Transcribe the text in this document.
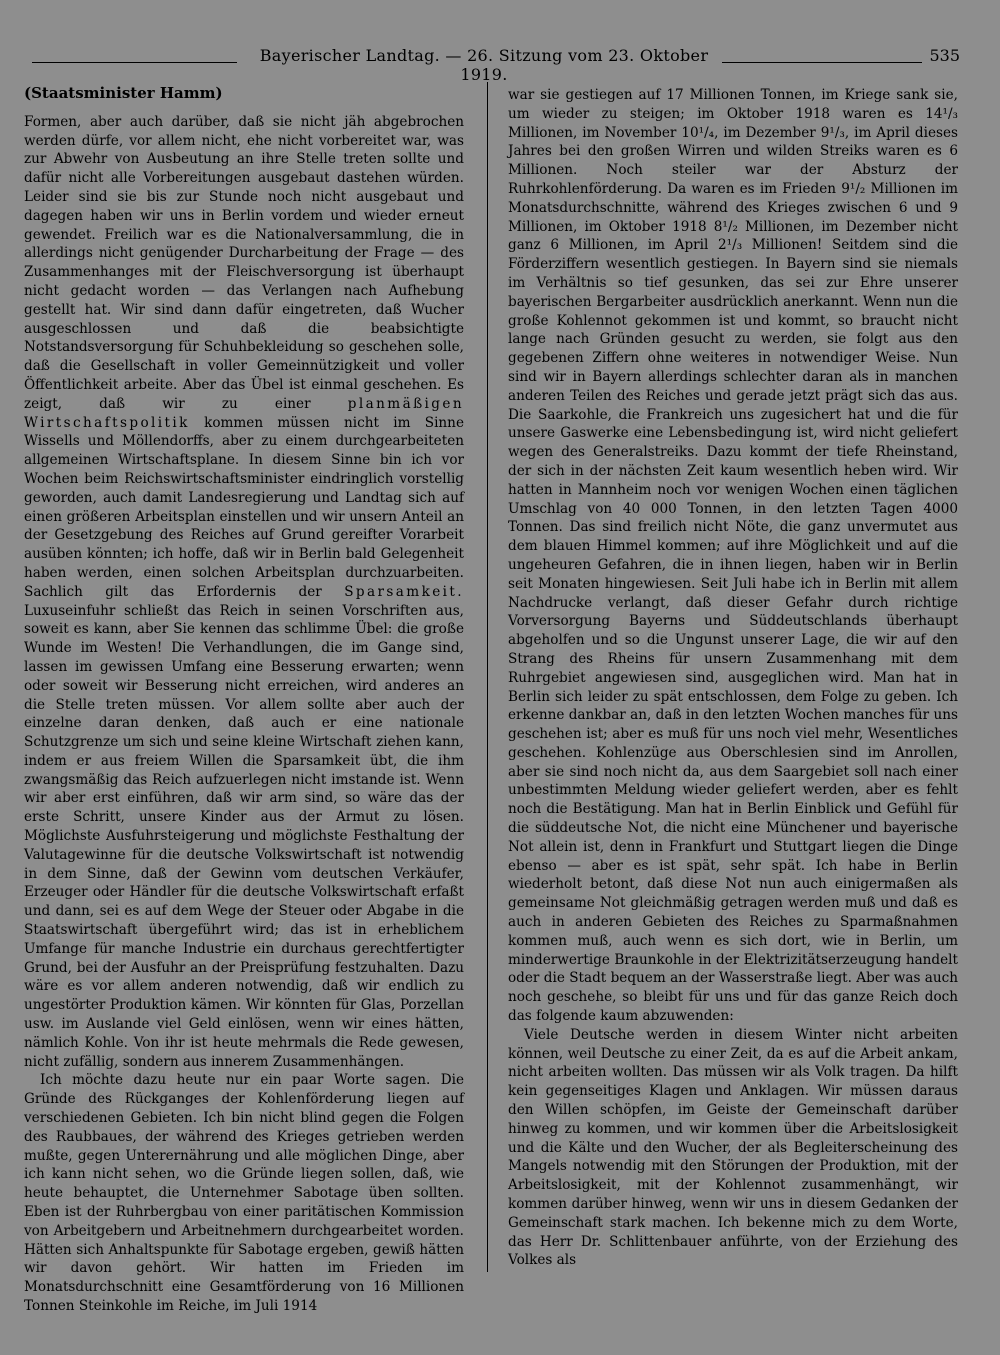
Bayerischer Landtag. — 26. Sitzung vom 23. Oktober 1919.
535
(Staatsminister Hamm)

Formen, aber auch darüber, daß sie nicht jäh abgebrochen werden dürfe, vor allem nicht, ehe nicht vorbereitet war, was zur Abwehr von Ausbeutung an ihre Stelle treten sollte und dafür nicht alle Vorbereitungen ausgebaut dastehen würden. Leider sind sie bis zur Stunde noch nicht ausgebaut und dagegen haben wir uns in Berlin vordem und wieder erneut gewendet. Freilich war es die Nationalversammlung, die in allerdings nicht genügender Durcharbeitung der Frage — des Zusammenhanges mit der Fleischversorgung ist überhaupt nicht gedacht worden — das Verlangen nach Aufhebung gestellt hat. Wir sind dann dafür eingetreten, daß Wucher ausgeschlossen und daß die beabsichtigte Notstandsversorgung für Schuhbekleidung so geschehen solle, daß die Gesellschaft in voller Gemeinnützigkeit und voller Öffentlichkeit arbeite. Aber das Übel ist einmal geschehen. Es zeigt, daß wir zu einer	planmäßigen Wirtschaftspolitik kommen müssen nicht im Sinne Wissells und Möllendorffs, aber zu einem durchgearbeiteten allgemeinen Wirtschaftsplane. In diesem Sinne bin ich vor Wochen beim Reichswirtschaftsminister eindringlich vorstellig geworden, auch damit Landesregierung und Landtag sich auf einen größeren Arbeitsplan einstellen und wir unsern Anteil an der Gesetzgebung des Reiches auf Grund gereifter Vorarbeit ausüben könnten; ich hoffe, daß wir in Berlin bald Gelegenheit haben werden, einen solchen Arbeitsplan durchzuarbeiten. Sachlich gilt das Erfordernis der Sparsamkeit. Luxuseinfuhr schließt das Reich in seinen Vorschriften aus, soweit es kann, aber Sie kennen das schlimme Übel: die große Wunde im Westen! Die Verhandlungen, die im Gange sind, lassen im gewissen Umfang eine Besserung erwarten; wenn oder soweit wir Besserung nicht erreichen, wird anderes an die Stelle treten müssen. Vor allem sollte aber auch der einzelne daran denken, daß auch er eine nationale Schutzgrenze um sich und seine kleine Wirtschaft ziehen kann, indem er aus freiem Willen die Sparsamkeit übt, die ihm zwangsmäßig das Reich aufzuerlegen nicht imstande ist. Wenn wir aber erst einführen, daß wir arm sind, so wäre das der erste Schritt, unsere Kinder aus der Armut zu lösen. Möglichste Ausfuhrsteigerung und möglichste Festhaltung der Valutagewinne für die deutsche Volkswirtschaft ist notwendig in dem Sinne, daß der Gewinn vom deutschen Verkäufer, Erzeuger oder Händler für die deutsche Volkswirtschaft erfaßt und dann, sei es auf dem Wege der Steuer oder Abgabe in die Staatswirtschaft übergeführt wird; das ist in erheblichem Umfange für manche Industrie ein durchaus gerechtfertigter Grund, bei der Ausfuhr an der Preisprüfung festzuhalten. Dazu wäre es vor allem anderen notwendig, daß wir endlich zu ungestörter Produktion kämen. Wir könnten für Glas, Porzellan usw. im Auslande viel Geld einlösen, wenn wir eines hätten, nämlich Kohle. Von ihr ist heute mehrmals die Rede gewesen, nicht zufällig, sondern aus innerem Zusammenhängen.

Ich möchte dazu heute nur ein paar Worte sagen. Die Gründe des Rückganges der Kohlenförderung liegen auf verschiedenen Gebieten. Ich bin nicht blind gegen die Folgen des Raubbaues, der während des Krieges getrieben werden mußte, gegen Unterernährung und alle möglichen Dinge, aber ich kann nicht sehen, wo die Gründe liegen sollen, daß, wie heute behauptet, die Unternehmer Sabotage üben sollten. Eben ist der Ruhrbergbau von einer paritätischen Kommission von Arbeitgebern und Arbeitnehmern durchgearbeitet worden. Hätten sich Anhaltspunkte für Sabotage ergeben, gewiß hätten wir davon gehört. Wir hatten im Frieden im Monatsdurchschnitt eine Gesamtförderung von 16 Millionen Tonnen Steinkohle im Reiche, im Juli 1914

war sie gestiegen auf 17 Millionen Tonnen, im Kriege sank sie, um wieder zu steigen; im Oktober 1918 waren es 14¹/₃ Millionen, im November 10¹/₄, im Dezember 9¹/₃, im April dieses Jahres bei den großen Wirren und wilden Streiks waren es 6 Millionen. Noch steiler war der Absturz der Ruhrkohlenförderung. Da waren es im Frieden 9¹/₂ Millionen im Monatsdurchschnitte, während des Krieges zwischen 6 und 9 Millionen, im Oktober 1918 8¹/₂ Millionen, im Dezember nicht ganz 6 Millionen, im April 2¹/₃ Millionen! Seitdem sind die Förderziffern wesentlich gestiegen. In Bayern sind sie niemals im Verhältnis so tief gesunken, das sei zur Ehre unserer bayerischen Bergarbeiter ausdrücklich anerkannt. Wenn nun die große Kohlennot gekommen ist und kommt, so braucht nicht lange nach Gründen gesucht zu werden, sie folgt aus den gegebenen Ziffern ohne weiteres in notwendiger Weise. Nun sind wir in Bayern allerdings schlechter daran als in manchen anderen Teilen des Reiches und gerade jetzt prägt sich das aus. Die Saarkohle, die Frankreich uns zugesichert hat und die für unsere Gaswerke eine Lebensbedingung ist, wird nicht geliefert wegen des Generalstreiks. Dazu kommt der tiefe Rheinstand, der sich in der nächsten Zeit kaum wesentlich heben wird. Wir hatten in Mannheim noch vor wenigen Wochen einen täglichen Umschlag von 40 000 Tonnen, in den letzten Tagen 4000 Tonnen. Das sind freilich nicht Nöte, die ganz unvermutet aus dem blauen Himmel kommen; auf ihre Möglichkeit und auf die ungeheuren Gefahren, die in ihnen liegen, haben wir in Berlin seit Monaten hingewiesen. Seit Juli habe ich in Berlin mit allem Nachdrucke verlangt, daß dieser Gefahr durch richtige Vorversorgung Bayerns und Süddeutschlands überhaupt abgeholfen und so die Ungunst unserer Lage, die wir auf den Strang des Rheins für unsern Zusammenhang mit dem Ruhrgebiet angewiesen sind, ausgeglichen wird. Man hat in Berlin sich leider zu spät entschlossen, dem Folge zu geben. Ich erkenne dankbar an, daß in den letzten Wochen manches für uns geschehen ist; aber es muß für uns noch viel mehr, Wesentliches geschehen. Kohlenzüge aus Oberschlesien sind im Anrollen, aber sie sind noch nicht da, aus dem Saargebiet soll nach einer unbestimmten Meldung wieder geliefert werden, aber es fehlt noch die Bestätigung. Man hat in Berlin Einblick und Gefühl für die süddeutsche Not, die nicht eine Münchener und bayerische Not allein ist, denn in Frankfurt und Stuttgart liegen die Dinge ebenso — aber es ist spät, sehr spät. Ich habe in Berlin wiederholt betont, daß diese Not nun auch einigermaßen als gemeinsame Not gleichmäßig getragen werden muß und daß es auch in anderen Gebieten des Reiches zu Sparmaßnahmen kommen muß, auch wenn es sich dort, wie in Berlin, um minderwertige Braunkohle in der Elektrizitätserzeugung handelt oder die Stadt bequem an der Wasserstraße liegt. Aber was auch noch geschehe, so bleibt für uns und für das ganze Reich doch das folgende kaum abzuwenden:

Viele Deutsche werden in diesem Winter nicht arbeiten können, weil Deutsche zu einer Zeit, da es auf die Arbeit ankam, nicht arbeiten wollten. Das müssen wir als Volk tragen. Da hilft kein gegenseitiges Klagen und Anklagen. Wir müssen daraus den Willen schöpfen, im Geiste der Gemeinschaft darüber hinweg zu kommen, und wir kommen über die Arbeitslosigkeit und die Kälte und den Wucher, der als Begleiterscheinung des Mangels notwendig mit den Störungen der Produktion, mit der Arbeitslosigkeit, mit der Kohlennot zusammenhängt, wir kommen darüber hinweg, wenn wir uns in diesem Gedanken der Gemeinschaft stark machen. Ich bekenne mich zu dem Worte, das Herr Dr. Schlittenbauer anführte, von der Erziehung des Volkes als
